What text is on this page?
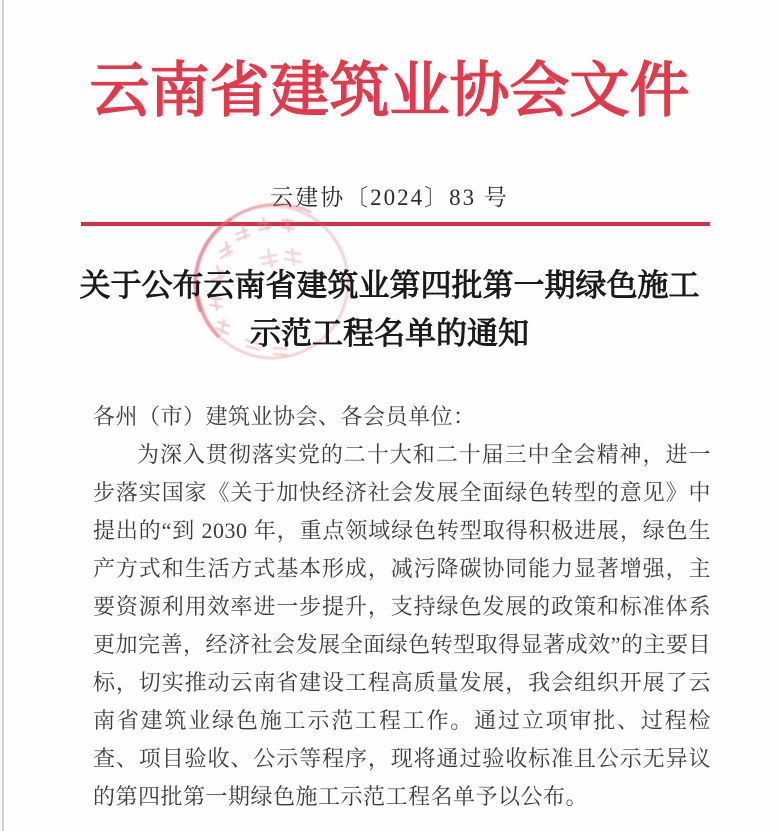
云南省建筑业协会文件
云建协〔2024〕83 号
关于公布云南省建筑业第四批第一期绿色施工
示范工程名单的通知
各州（市）建筑业协会、各会员单位：

为深入贯彻落实党的二十大和二十届三中全会精神，进一步落实国家《关于加快经济社会发展全面绿色转型的意见》中提出的“到 2030 年，重点领域绿色转型取得积极进展，绿色生产方式和生活方式基本形成，减污降碳协同能力显著增强，主要资源利用效率进一步提升，支持绿色发展的政策和标准体系更加完善，经济社会发展全面绿色转型取得显著成效”的主要目标，切实推动云南省建设工程高质量发展，我会组织开展了云南省建筑业绿色施工示范工程工作。通过立项审批、过程检查、项目验收、公示等程序，现将通过验收标准且公示无异议的第四批第一期绿色施工示范工程名单予以公布。
